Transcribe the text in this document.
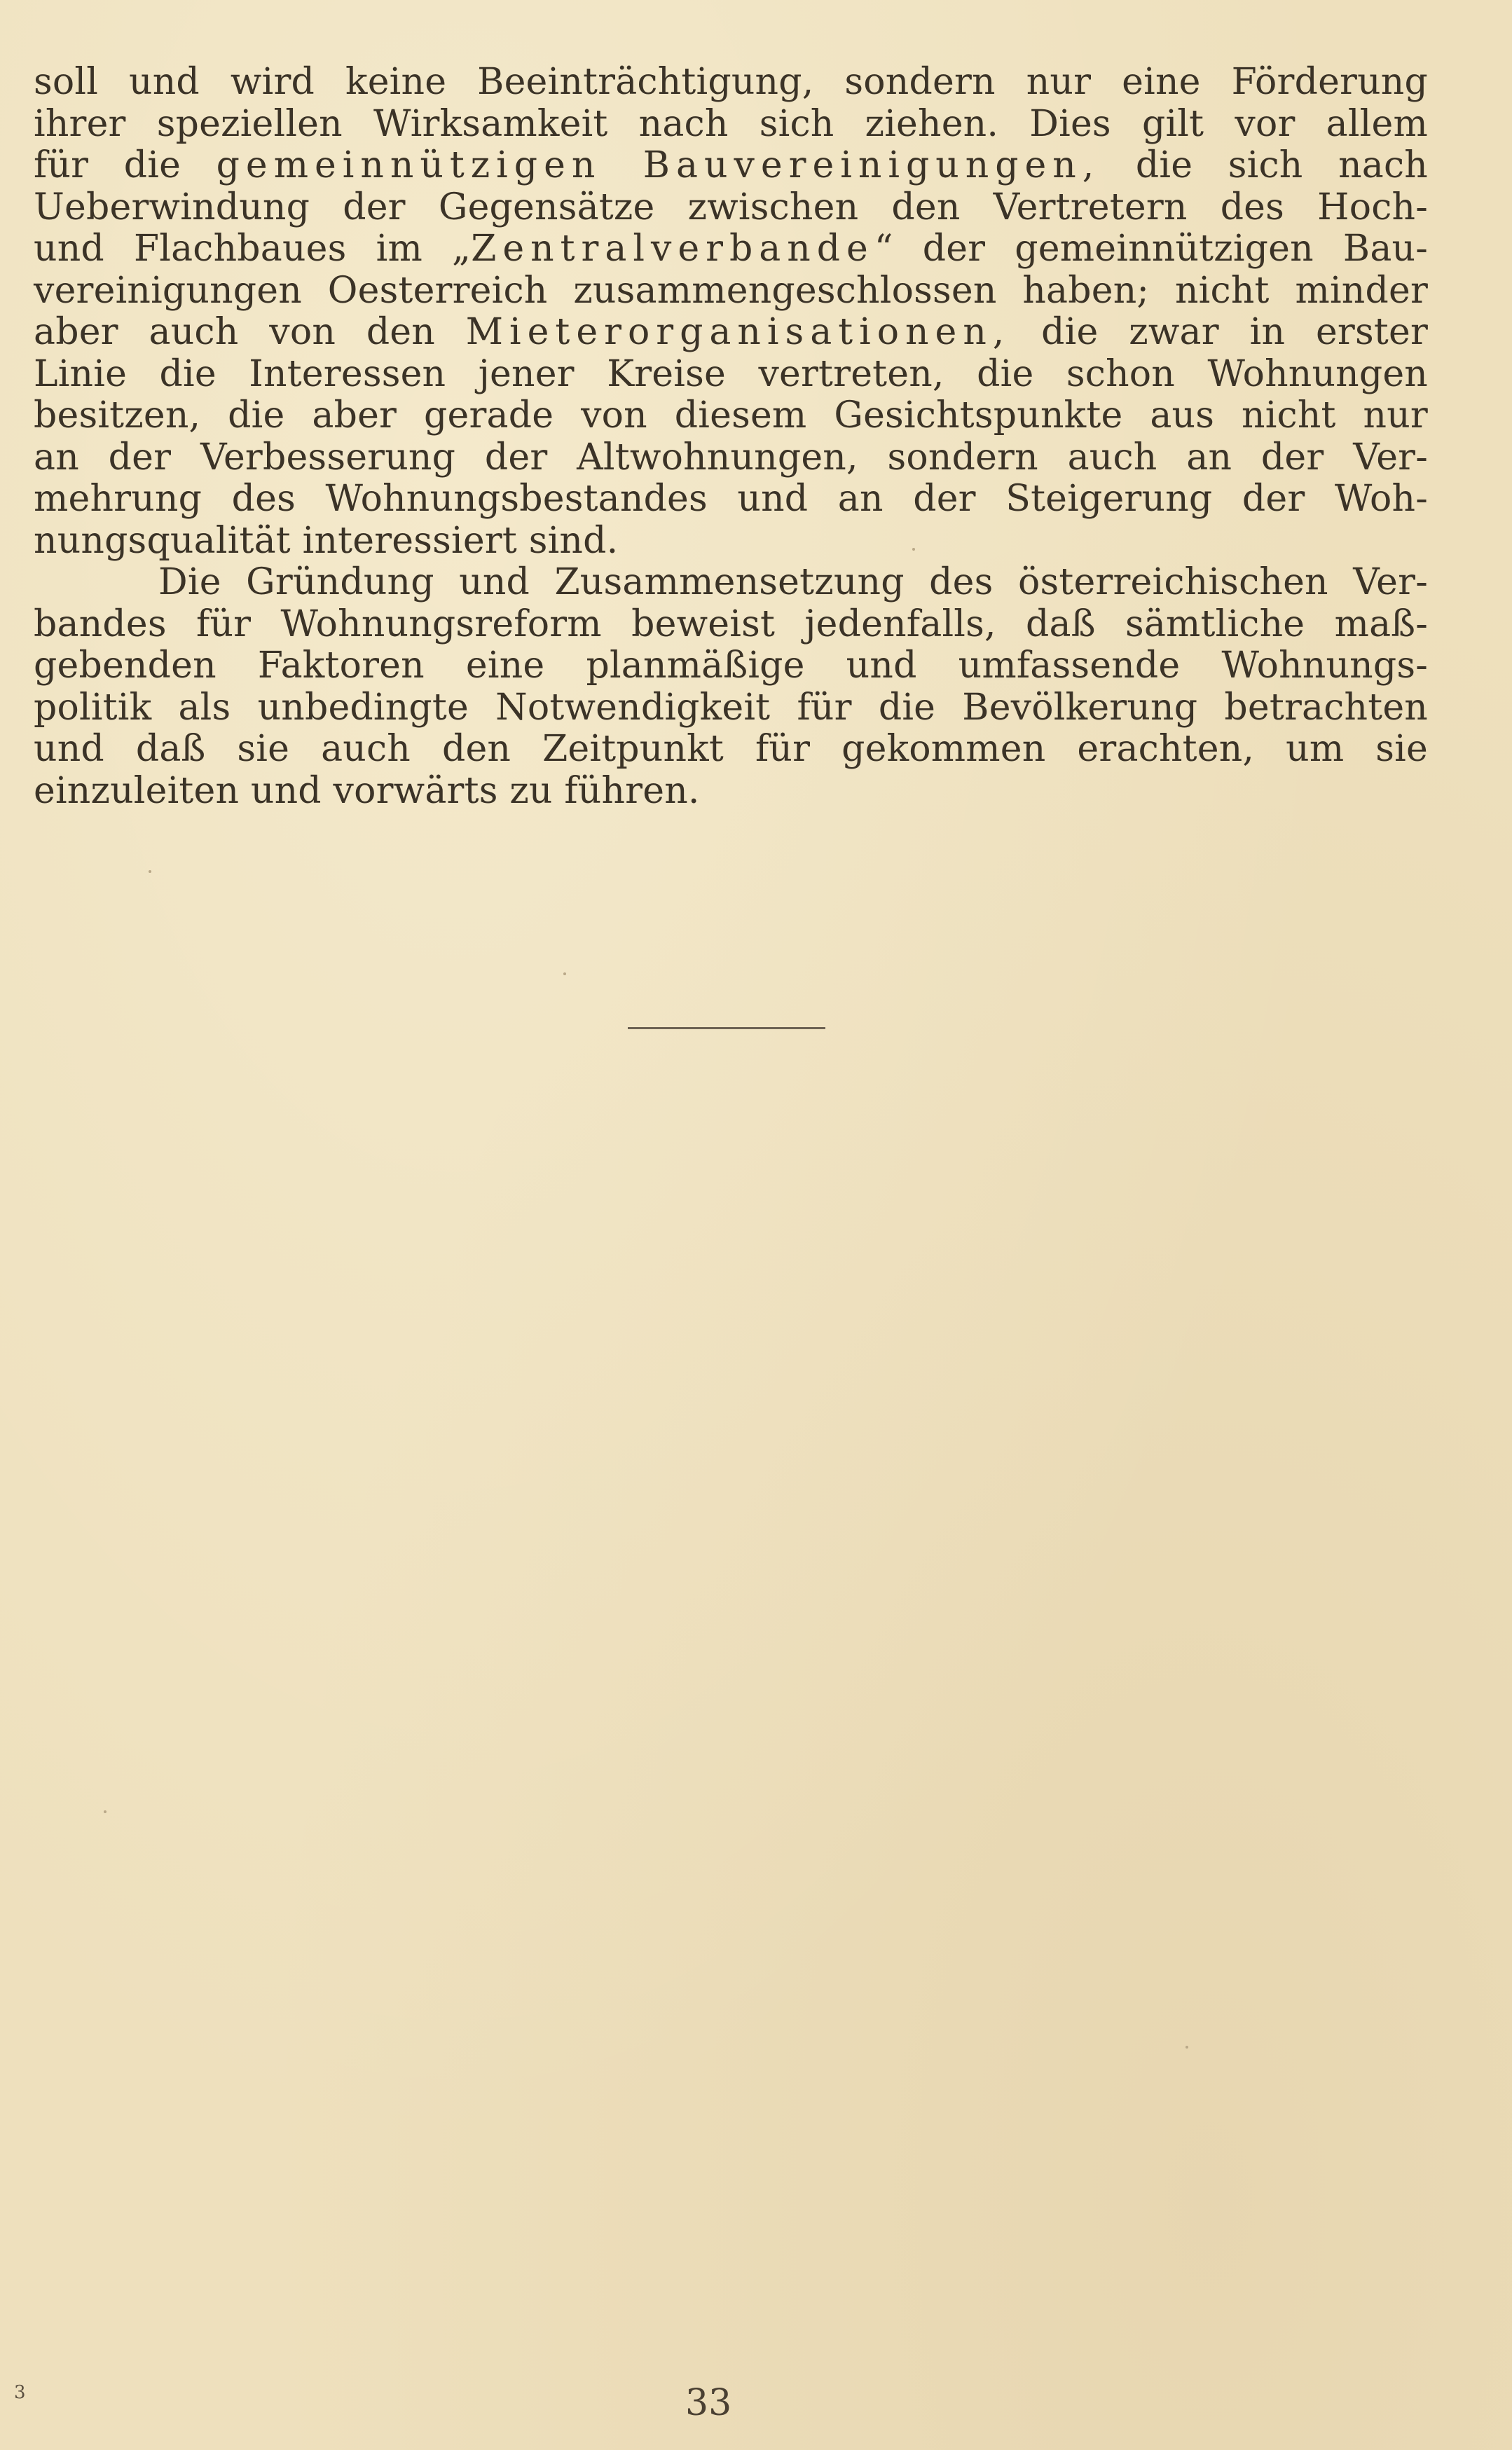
soll und wird keine Beeinträchtigung, sondern nur eine Förderung
ihrer speziellen Wirksamkeit nach sich ziehen. Dies gilt vor allem
für die gemeinnützigen Bauvereinigungen, die sich nach
Ueberwindung der Gegensätze zwischen den Vertretern des Hoch-
und Flachbaues im „Zentralverbande“ der gemeinnützigen Bau-
vereinigungen Oesterreich zusammengeschlossen haben; nicht minder
aber auch von den Mieterorganisationen, die zwar in erster
Linie die Interessen jener Kreise vertreten, die schon Wohnungen
besitzen, die aber gerade von diesem Gesichtspunkte aus nicht nur
an der Verbesserung der Altwohnungen, sondern auch an der Ver-
mehrung des Wohnungsbestandes und an der Steigerung der Woh-
nungsqualität interessiert sind.
Die Gründung und Zusammensetzung des österreichischen Ver-
bandes für Wohnungsreform beweist jedenfalls, daß sämtliche maß-
gebenden Faktoren eine planmäßige und umfassende Wohnungs-
politik als unbedingte Notwendigkeit für die Bevölkerung betrachten
und daß sie auch den Zeitpunkt für gekommen erachten, um sie
einzuleiten und vorwärts zu führen.
3	33
